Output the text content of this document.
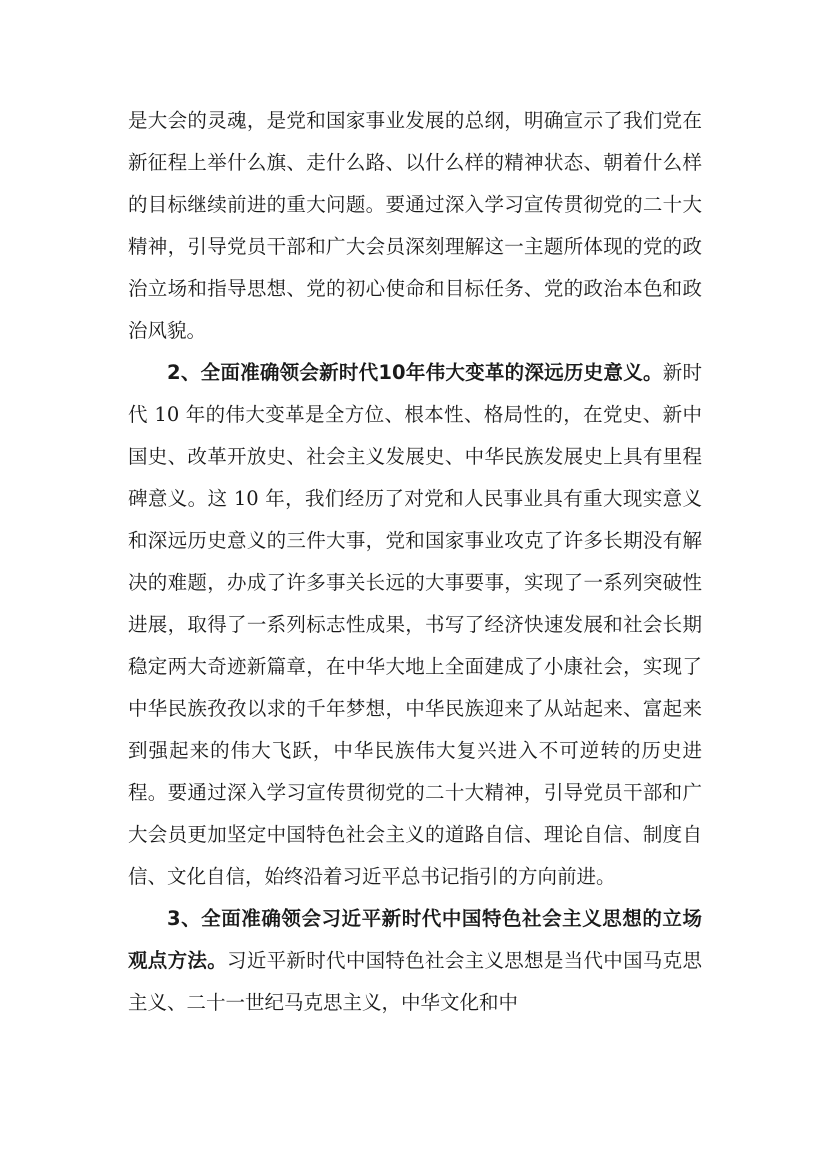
是大会的灵魂，是党和国家事业发展的总纲，明确宣示了我们党在新征程上举什么旗、走什么路、以什么样的精神状态、朝着什么样的目标继续前进的重大问题。要通过深入学习宣传贯彻党的二十大精神，引导党员干部和广大会员深刻理解这一主题所体现的党的政治立场和指导思想、党的初心使命和目标任务、党的政治本色和政治风貌。

2、全面准确领会新时代10年伟大变革的深远历史意义。新时代 10 年的伟大变革是全方位、根本性、格局性的，在党史、新中国史、改革开放史、社会主义发展史、中华民族发展史上具有里程碑意义。这 10 年，我们经历了对党和人民事业具有重大现实意义和深远历史意义的三件大事，党和国家事业攻克了许多长期没有解决的难题，办成了许多事关长远的大事要事，实现了一系列突破性进展，取得了一系列标志性成果，书写了经济快速发展和社会长期稳定两大奇迹新篇章，在中华大地上全面建成了小康社会，实现了中华民族孜孜以求的千年梦想，中华民族迎来了从站起来、富起来到强起来的伟大飞跃，中华民族伟大复兴进入不可逆转的历史进程。要通过深入学习宣传贯彻党的二十大精神，引导党员干部和广大会员更加坚定中国特色社会主义的道路自信、理论自信、制度自信、文化自信，始终沿着习近平总书记指引的方向前进。

3、全面准确领会习近平新时代中国特色社会主义思想的立场观点方法。习近平新时代中国特色社会主义思想是当代中国马克思主义、二十一世纪马克思主义，中华文化和中
